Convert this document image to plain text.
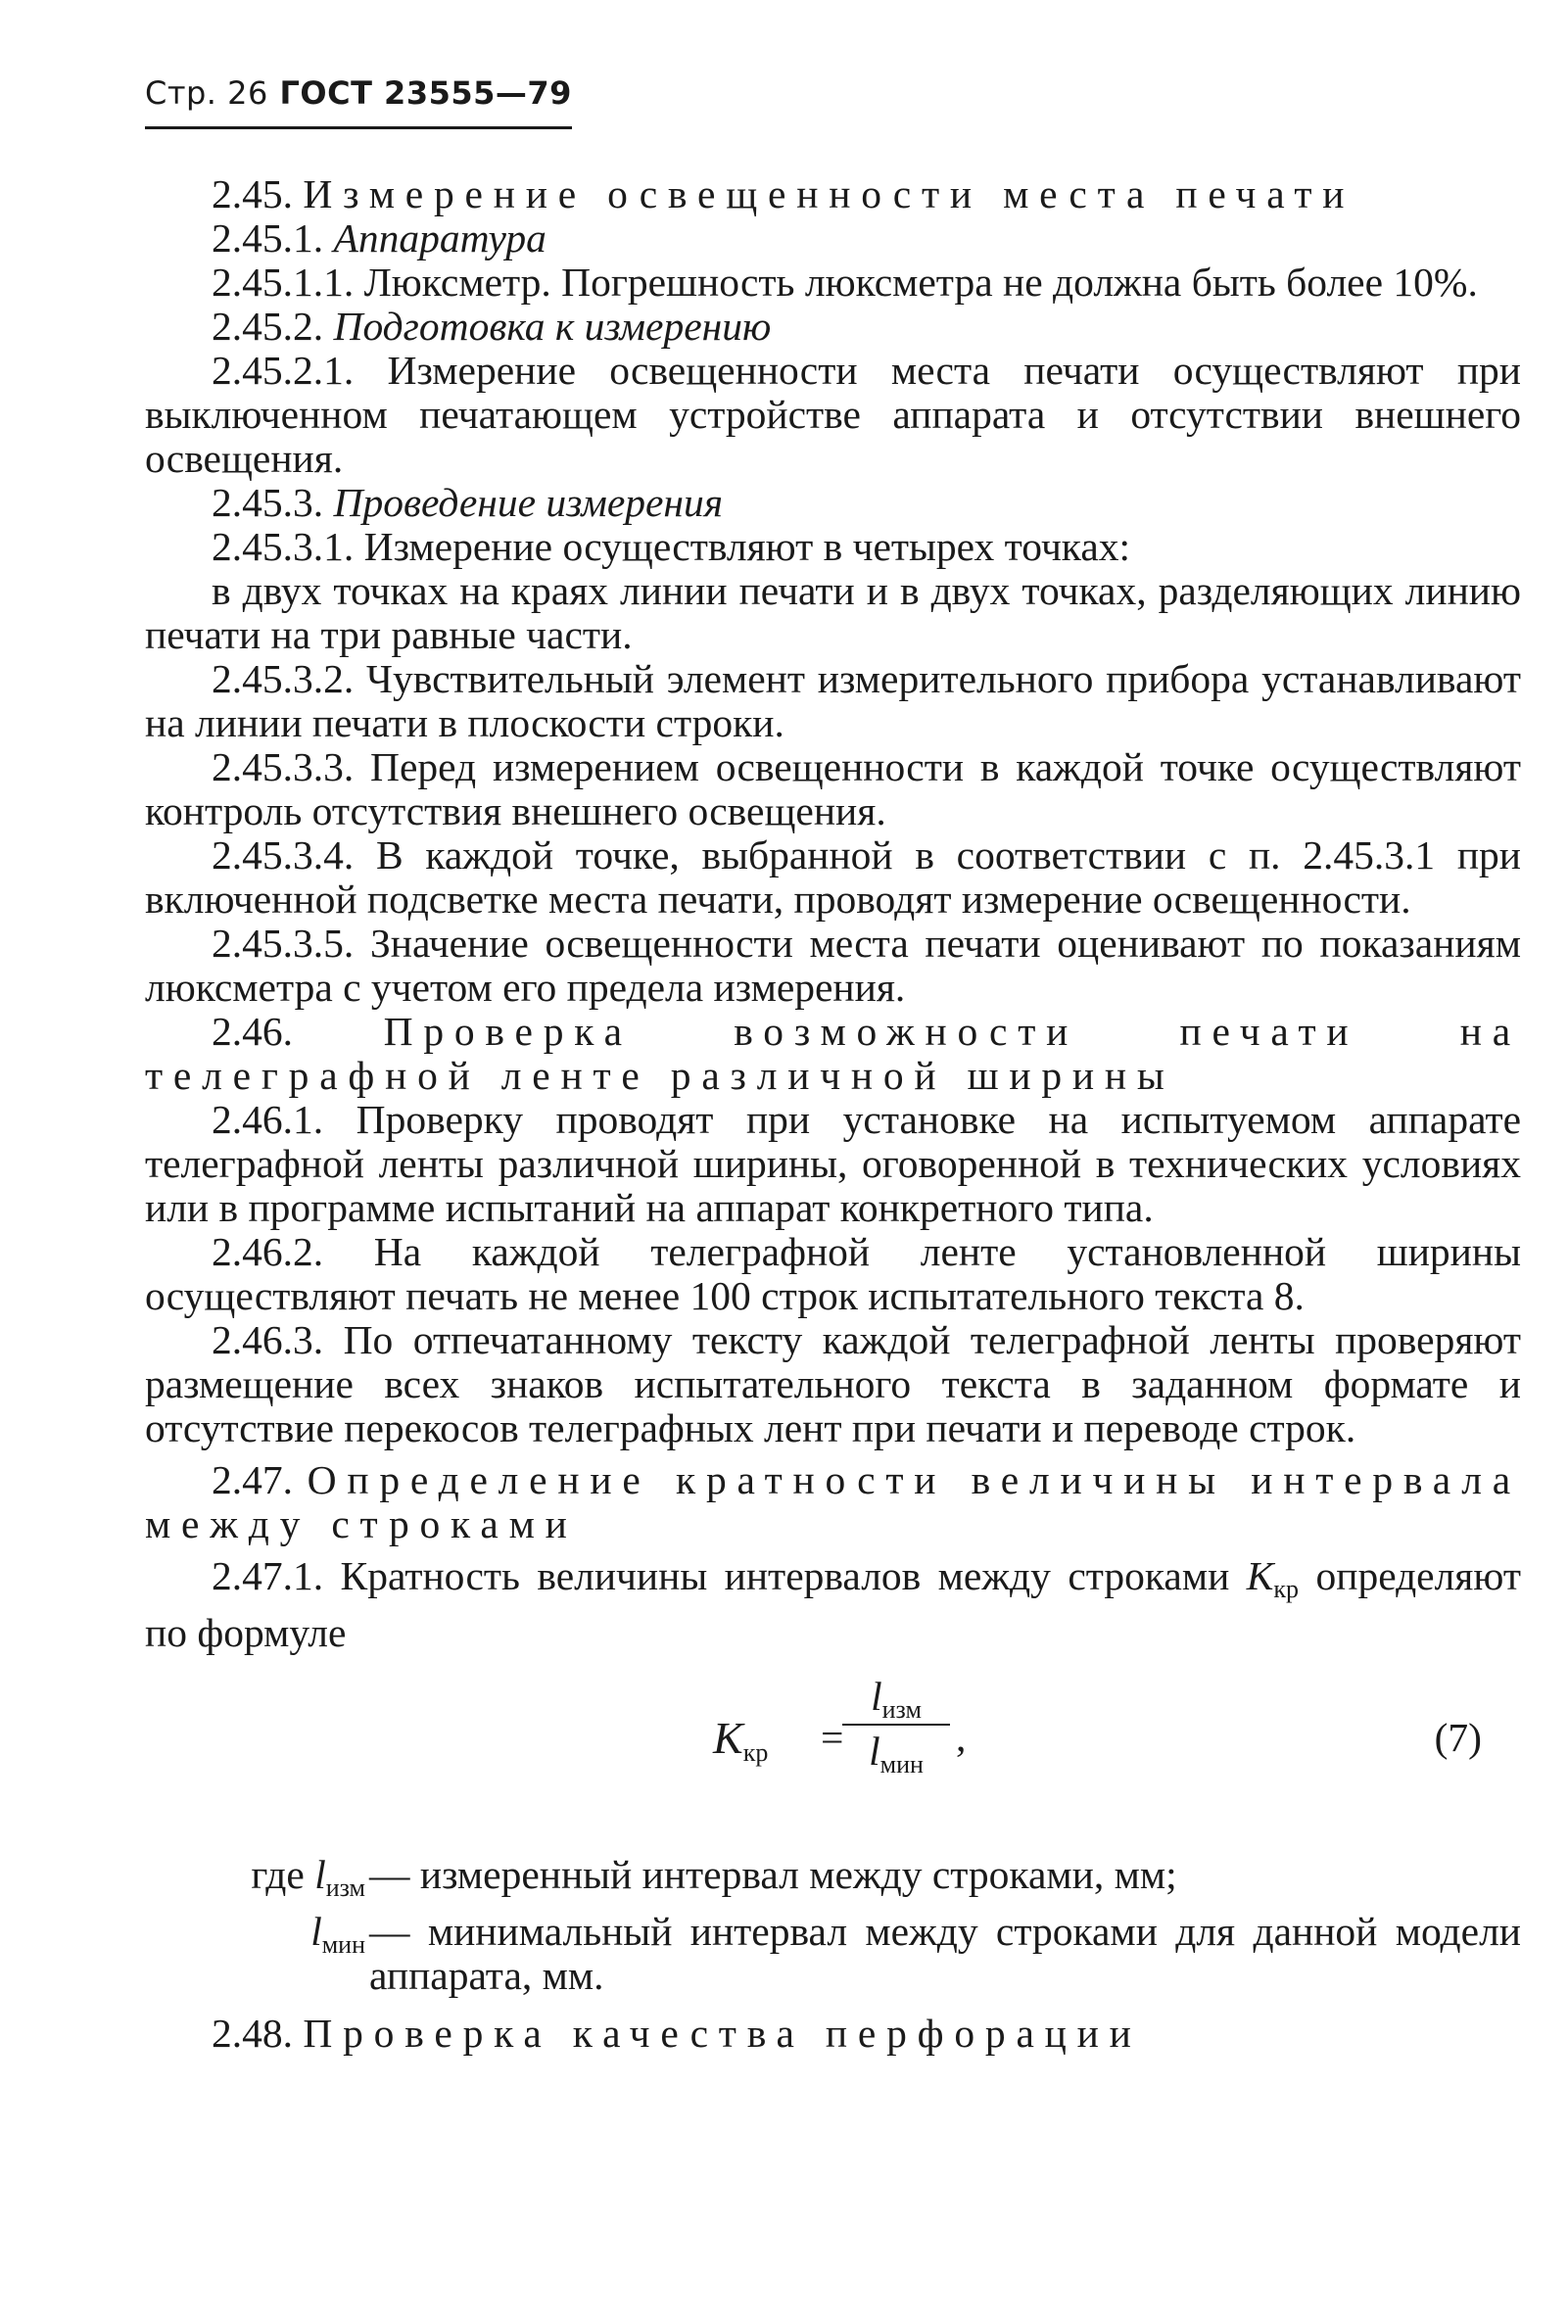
Стр. 26 ГОСТ 23555—79

2.45. Измерение освещенности места печати

2.45.1. Аппаратура

2.45.1.1. Люксметр. Погрешность люксметра не должна быть более 10%.

2.45.2. Подготовка к измерению

2.45.2.1. Измерение освещенности места печати осуществляют при выключенном печатающем устройстве аппарата и отсутствии внешнего освещения.

2.45.3. Проведение измерения

2.45.3.1. Измерение осуществляют в четырех точках:

в двух точках на краях линии печати и в двух точках, разделяющих линию печати на три равные части.

2.45.3.2. Чувствительный элемент измерительного прибора устанавливают на линии печати в плоскости строки.

2.45.3.3. Перед измерением освещенности в каждой точке осуществляют контроль отсутствия внешнего освещения.

2.45.3.4. В каждой точке, выбранной в соответствии с п. 2.45.3.1 при включенной подсветке места печати, проводят измерение освещенности.

2.45.3.5. Значение освещенности места печати оценивают по показаниям люксметра с учетом его предела измерения.

2.46. Проверка возможности печати на телеграфной ленте различной ширины

2.46.1. Проверку проводят при установке на испытуемом аппарате телеграфной ленты различной ширины, оговоренной в технических условиях или в программе испытаний на аппарат конкретного типа.

2.46.2. На каждой телеграфной ленте установленной ширины осуществляют печать не менее 100 строк испытательного текста 8.

2.46.3. По отпечатанному тексту каждой телеграфной ленты проверяют размещение всех знаков испытательного текста в заданном формате и отсутствие перекосов телеграфных лент при печати и переводе строк.

2.47. Определение кратности величины интервала между строками

2.47.1. Кратность величины интервалов между строками $K_{кр}$ определяют по формуле

$K_{кр}$ =
$l_{изм}$
$l_{мин}$
,	(7)
где $l_{изм}$ — измеренный интервал между строками, мм;
$l_{мин}$ — минимальный интервал между строками для данной модели аппарата, мм.

2.48. Проверка качества перфорации
